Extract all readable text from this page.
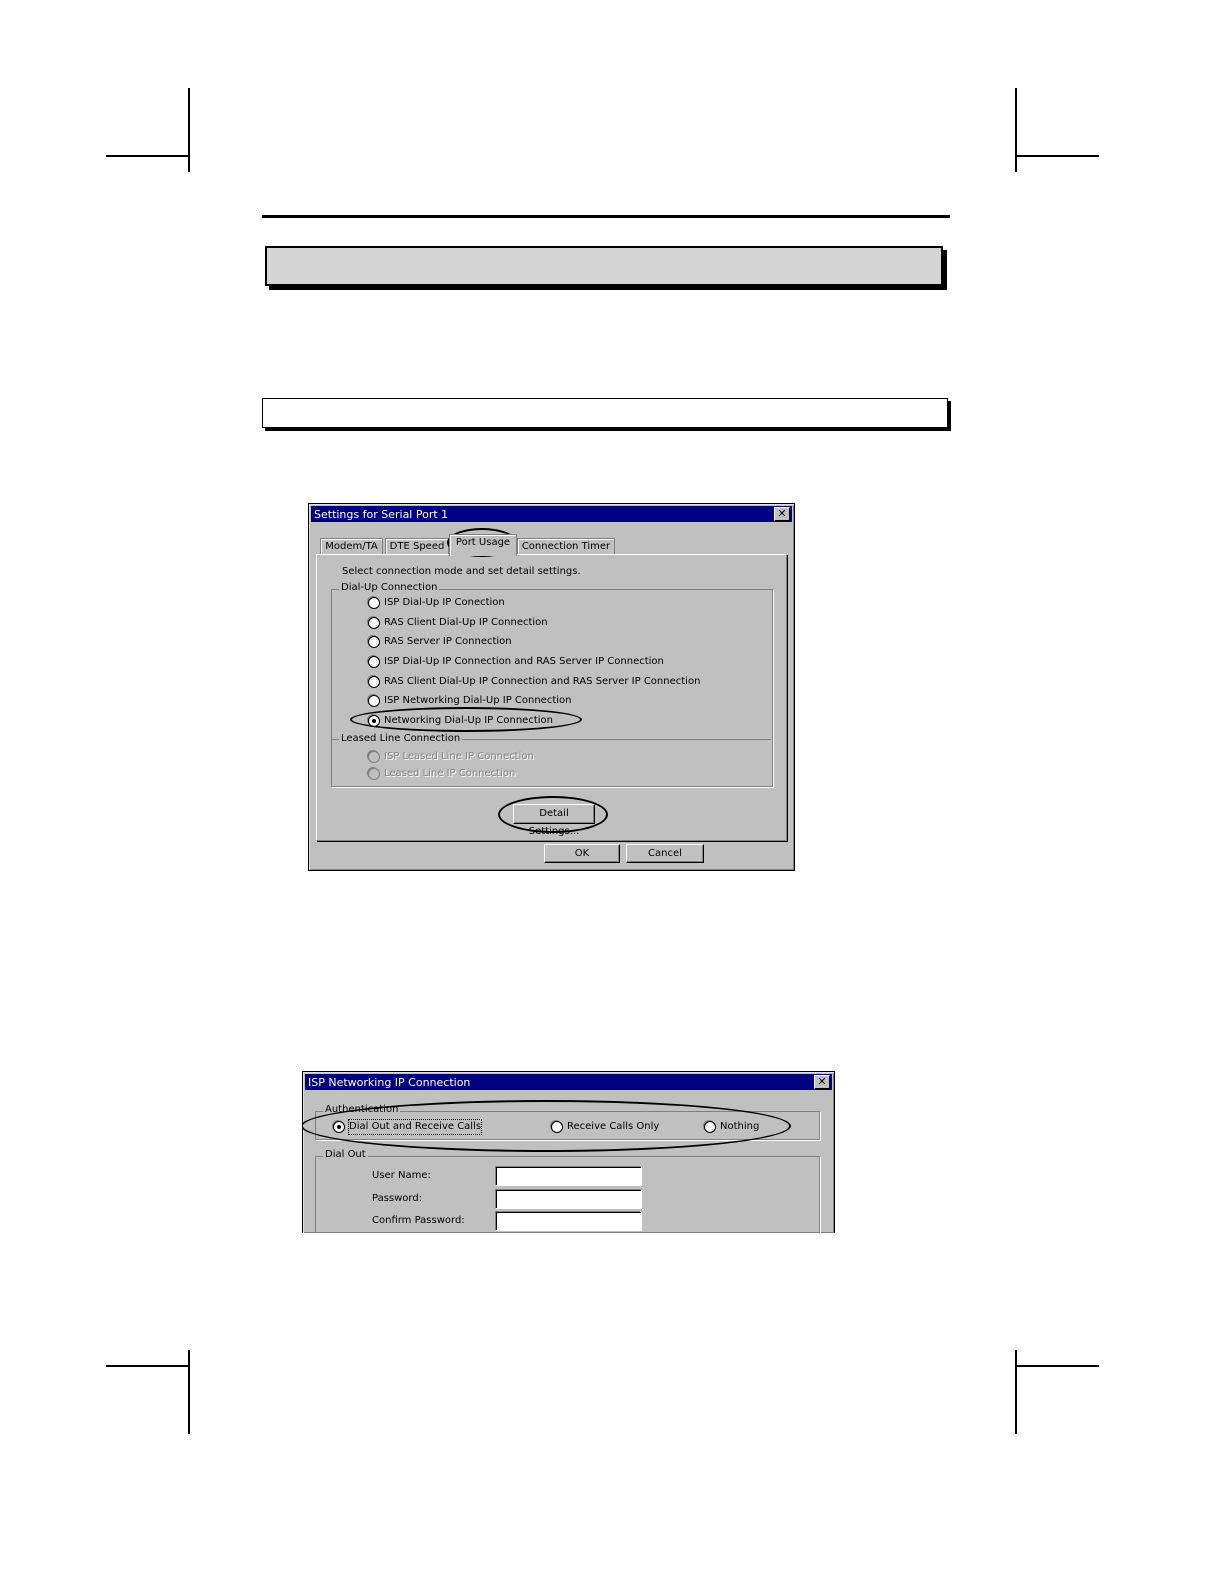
Settings for Serial Port 1	✕
Modem/TA	DTE Speed	Port Usage	Connection Timer
Select connection mode and set detail settings.
Dial-Up Connection
ISP Dial-Up IP Conection
RAS Client Dial-Up IP Connection
RAS Server IP Connection
ISP Dial-Up IP Connection and RAS Server IP Connection
RAS Client Dial-Up IP Connection and RAS Server IP Connection
ISP Networking Dial-Up IP Connection
Networking Dial-Up IP Connection
Leased Line Connection
ISP Leased Line IP Connection
Leased Line IP Connection
Detail Settings...
OK	Cancel
ISP Networking IP Connection	✕
Authentication
Dial Out and Receive Calls	Receive Calls Only	Nothing
Dial Out
User Name:
Password:
Confirm Password:
